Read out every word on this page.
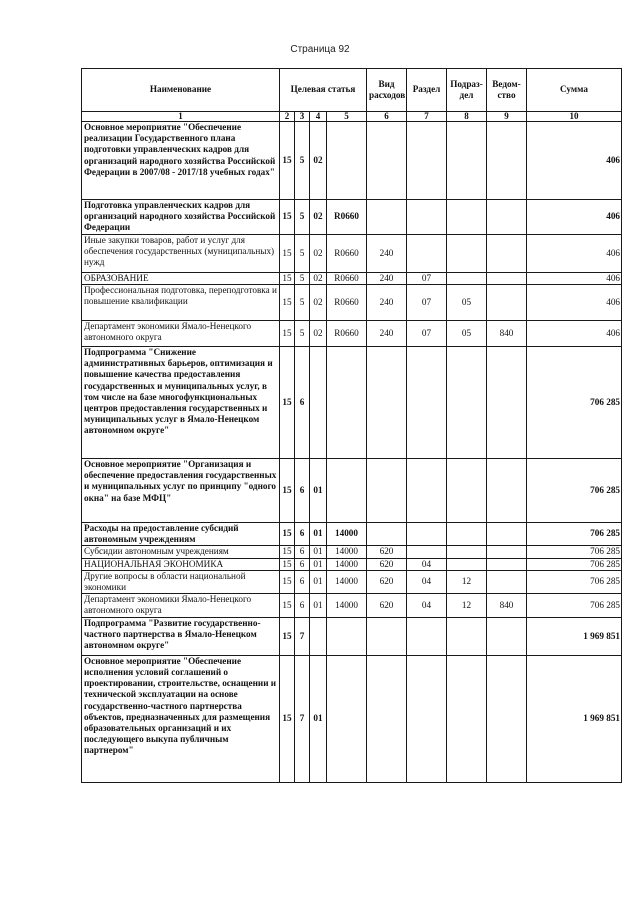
Страница 92
Наименование	Целевая статья				Вид расходов	Раздел	Подраз-дел	Ведом-ство	Сумма
1	2	3	4	5	6	7	8	9	10
Основное мероприятие "Обеспечение реализации Государственного плана подготовки управленческих кадров для организаций народного хозяйства Российской Федерации в 2007/08 - 2017/18 учебных годах"	15	5	02						406
Подготовка управленческих кадров для организаций народного хозяйства Российской Федерации	15	5	02	R0660					406
Иные закупки товаров, работ и услуг для обеспечения государственных (муниципальных) нужд	15	5	02	R0660	240				406
ОБРАЗОВАНИЕ	15	5	02	R0660	240	07			406
Профессиональная подготовка, переподготовка и повышение квалификации	15	5	02	R0660	240	07	05		406
Департамент экономики Ямало-Ненецкого автономного округа	15	5	02	R0660	240	07	05	840	406
Подпрограмма "Снижение административных барьеров, оптимизация и повышение качества предоставления государственных и муниципальных услуг, в том числе на базе многофункциональных центров предоставления государственных и муниципальных услуг в Ямало-Ненецком автономном округе"	15	6							706 285
Основное мероприятие "Организация и обеспечение предоставления государственных и муниципальных услуг по принципу "одного окна" на базе МФЦ"	15	6	01						706 285
Расходы на предоставление субсидий автономным учреждениям	15	6	01	14000					706 285
Субсидии автономным учреждениям	15	6	01	14000	620				706 285
НАЦИОНАЛЬНАЯ ЭКОНОМИКА	15	6	01	14000	620	04			706 285
Другие вопросы в области национальной экономики	15	6	01	14000	620	04	12		706 285
Департамент экономики Ямало-Ненецкого автономного округа	15	6	01	14000	620	04	12	840	706 285
Подпрограмма "Развитие государственно-частного партнерства в Ямало-Ненецком автономном округе"	15	7							1 969 851
Основное мероприятие "Обеспечение исполнения условий соглашений о проектировании, строительстве, оснащении и технической эксплуатации на основе государственно-частного партнерства объектов, предназначенных для размещения образовательных организаций и их последующего выкупа публичным партнером"	15	7	01						1 969 851
